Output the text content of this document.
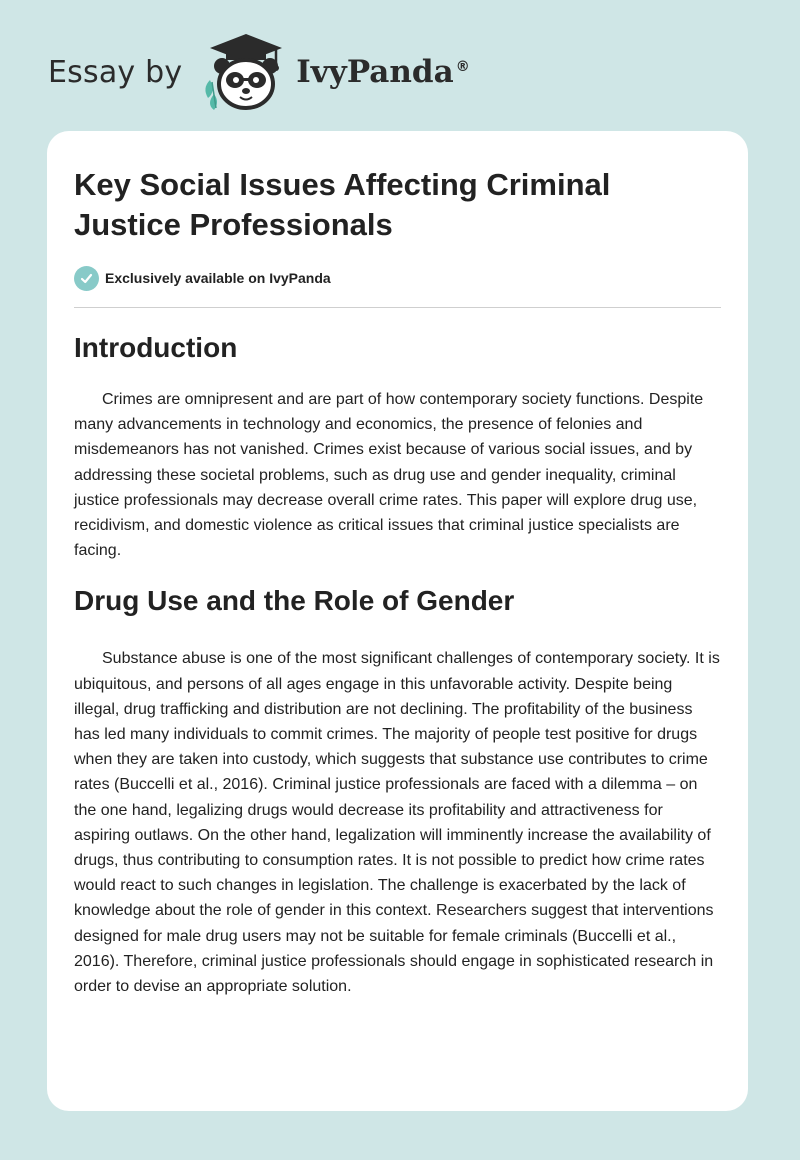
Essay by	IvyPanda ®
Key Social Issues Affecting Criminal Justice Professionals
Exclusively available on IvyPanda
Introduction

Crimes are omnipresent and are part of how contemporary society functions. Despite many advancements in technology and economics, the presence of felonies and misdemeanors has not vanished. Crimes exist because of various social issues, and by addressing these societal problems, such as drug use and gender inequality, criminal justice professionals may decrease overall crime rates. This paper will explore drug use, recidivism, and domestic violence as critical issues that criminal justice specialists are facing.

Drug Use and the Role of Gender

Substance abuse is one of the most significant challenges of contemporary society. It is ubiquitous, and persons of all ages engage in this unfavorable activity. Despite being illegal, drug trafficking and distribution are not declining. The profitability of the business has led many individuals to commit crimes. The majority of people test positive for drugs when they are taken into custody, which suggests that substance use contributes to crime rates (Buccelli et al., 2016). Criminal justice professionals are faced with a dilemma – on the one hand, legalizing drugs would decrease its profitability and attractiveness for aspiring outlaws. On the other hand, legalization will imminently increase the availability of drugs, thus contributing to consumption rates. It is not possible to predict how crime rates would react to such changes in legislation. The challenge is exacerbated by the lack of knowledge about the role of gender in this context. Researchers suggest that interventions designed for male drug users may not be suitable for female criminals (Buccelli et al., 2016). Therefore, criminal justice professionals should engage in sophisticated research in order to devise an appropriate solution.
